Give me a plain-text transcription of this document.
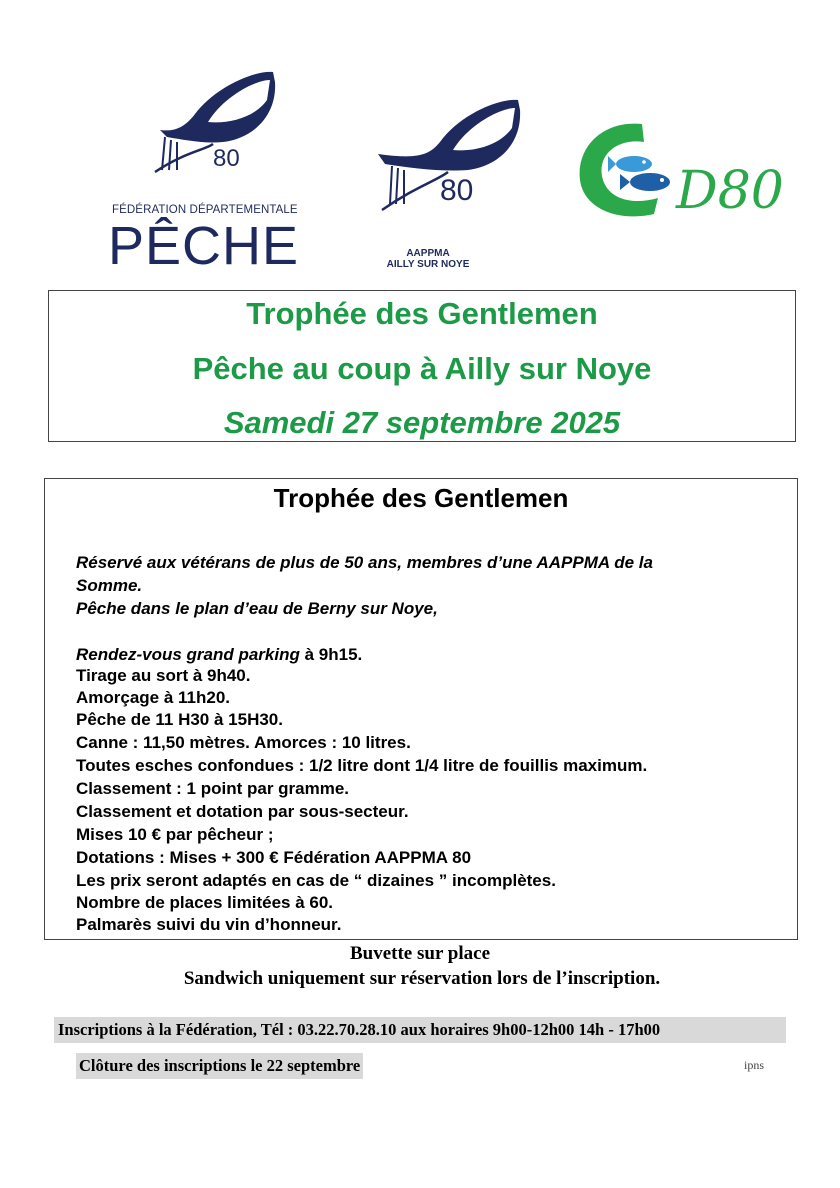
80
FÉDÉRATION DÉPARTEMENTALE
PÊCHE
80
AAPPMA
AILLY SUR NOYE
D80
Trophée des Gentlemen
Pêche au coup à Ailly sur Noye
Samedi 27 septembre 2025
Trophée des Gentlemen
Réservé aux vétérans de plus de 50 ans, membres d’une AAPPMA de la
Somme.
Pêche dans le plan d’eau de Berny sur Noye,
Rendez-vous grand parking à 9h15.
Tirage au sort à 9h40.
Amorçage à 11h20.
Pêche de 11 H30 à 15H30.
Canne : 11,50 mètres. Amorces : 10 litres.
Toutes esches confondues : 1/2 litre dont 1/4 litre de fouillis maximum.
Classement : 1 point par gramme.
Classement et dotation par sous-secteur.
Mises 10 € par pêcheur ;
Dotations : Mises + 300 € Fédération AAPPMA 80
Les prix seront adaptés en cas de “ dizaines ” incomplètes.
Nombre de places limitées à 60.
Palmarès suivi du vin d’honneur.
Buvette sur place
Sandwich uniquement sur réservation lors de l’inscription.
Inscriptions à la Fédération, Tél : 03.22.70.28.10 aux horaires 9h00-12h00 14h - 17h00
Clôture des inscriptions le 22 septembre	ipns
